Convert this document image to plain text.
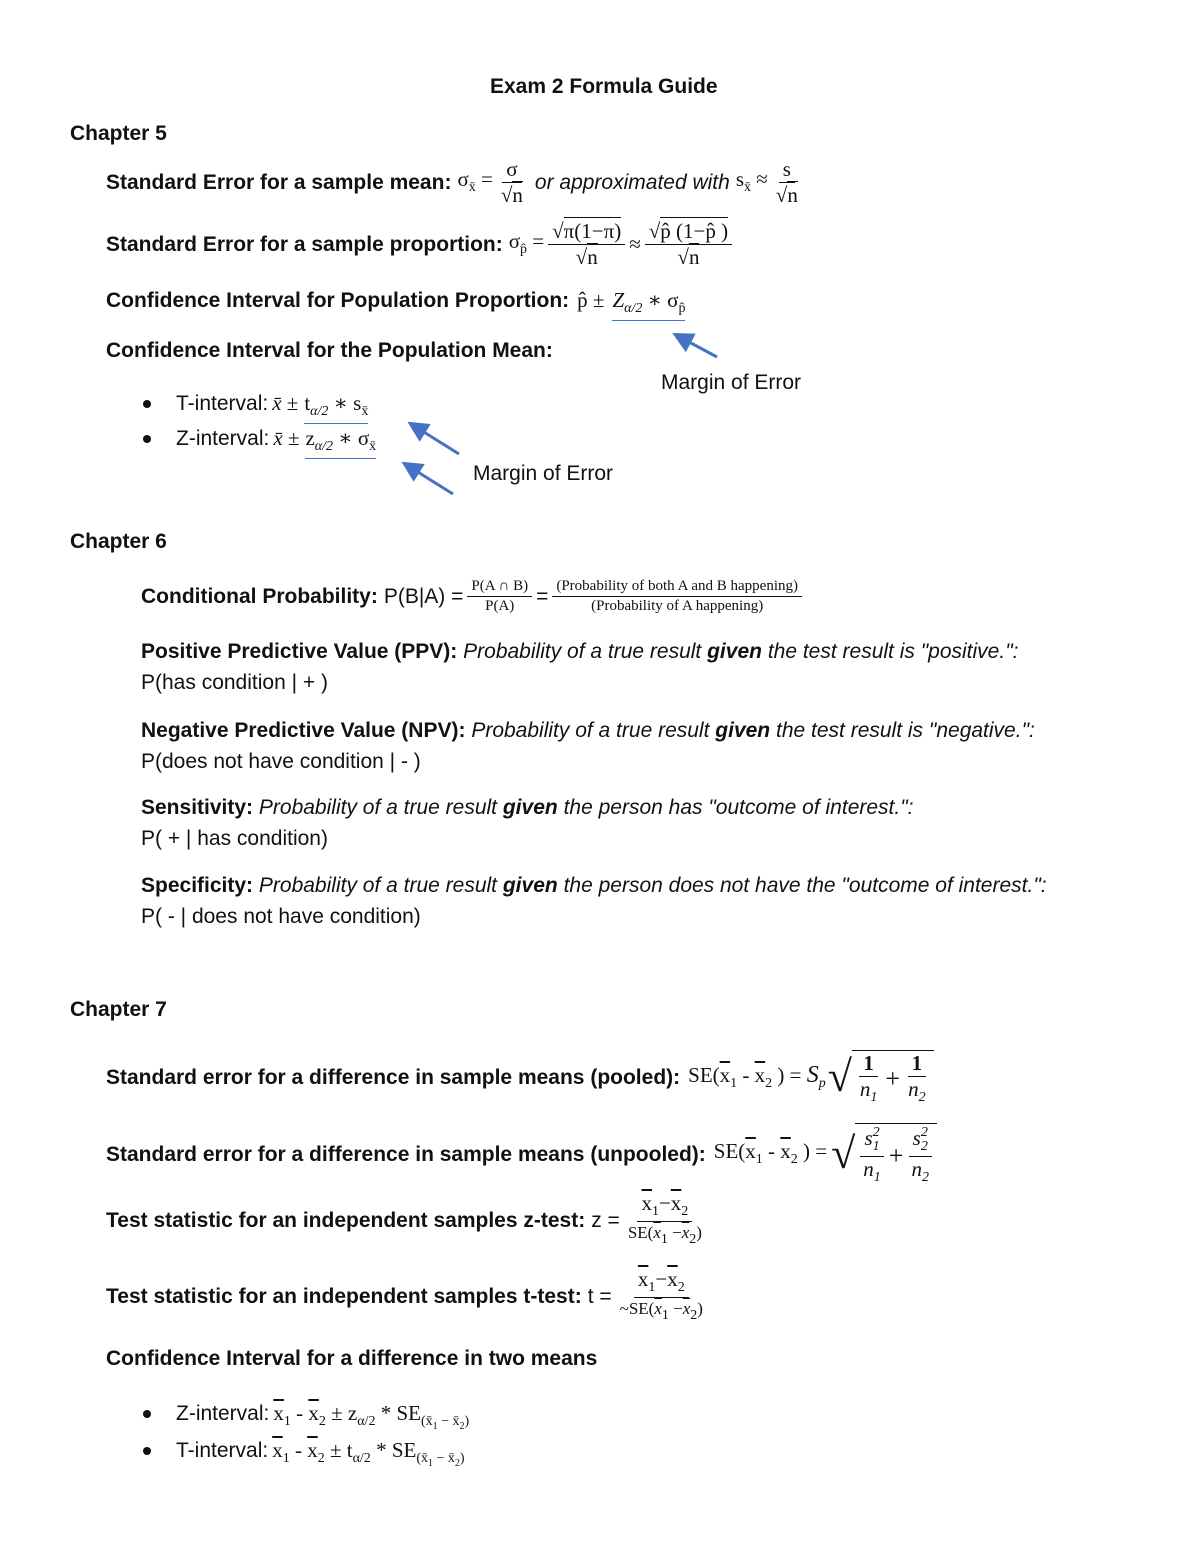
Exam 2 Formula Guide
Chapter 5
Standard Error for a sample mean: $\sigma_{x̄} = \frac{\sigma}{√n}$ or approximated with $s_{x̄} \approx \frac{s}{√n}$
Standard Error for a sample proportion: $\sigma_{p̂} = \frac{√\pi(1-\pi)}{√n} \approx \frac{√p̂ (1-p̂ )}{√n}$
Confidence Interval for Population Proportion: p̂ ± $Z_{\alpha/2}$ ∗ $\sigma_{p̂}$
Confidence Interval for the Population Mean:
Margin of Error
T-interval: x̄ ± $t_{\alpha/2}$ ∗ $s_{x̄}$
Z-interval: x̄ ± $z_{\alpha/2}$ ∗ $\sigma_{x̄}$
Margin of Error
Chapter 6
Conditional Probability: $P(B|A) = \frac{P(A \cap B)}{P(A)} = \frac{\text{(Probability of both A and B happening)}}{\text{(Probability of A happening)}}$
Positive Predictive Value (PPV): Probability of a true result given the test result is "positive.":
P(has condition | + )
Negative Predictive Value (NPV): Probability of a true result given the test result is "negative.":
P(does not have condition | - )
Sensitivity: Probability of a true result given the person has "outcome of interest.":
P( + | has condition)
Specificity: Probability of a true result given the person does not have the "outcome of interest.":
P( - | does not have condition)
Chapter 7
Standard error for a difference in sample means (pooled): $SE(\overline{x}_1 - \overline{x}_2$ ) = $S_p$ √ $\frac{1}{n_1} + \frac{1}{n_2}$
Standard error for a difference in sample means (unpooled): $SE(\overline{x}_1 - \overline{x}_2$ ) = √ $\frac{s^2_1}{n_1} + \frac{s^2_2}{n_2}$
Test statistic for an independent samples z-test: $z = \frac{\overline{x}_1-\overline{x}_2}{SE(\overline{x}_1 -\overline{x}_2)}$
Test statistic for an independent samples t-test: $t = \frac{\overline{x}_1-\overline{x}_2}{\sim SE(\overline{x}_1 -\overline{x}_2)}$
Confidence Interval for a difference in two means
Z-interval: $\overline{x}_1 - \overline{x}_2 \pm z_{\alpha/2} * SE_{(x̄_1 - x̄_2)}$
T-interval: $\overline{x}_1 - \overline{x}_2 \pm t_{\alpha/2} * SE_{(x̄_1 - x̄_2)}$
